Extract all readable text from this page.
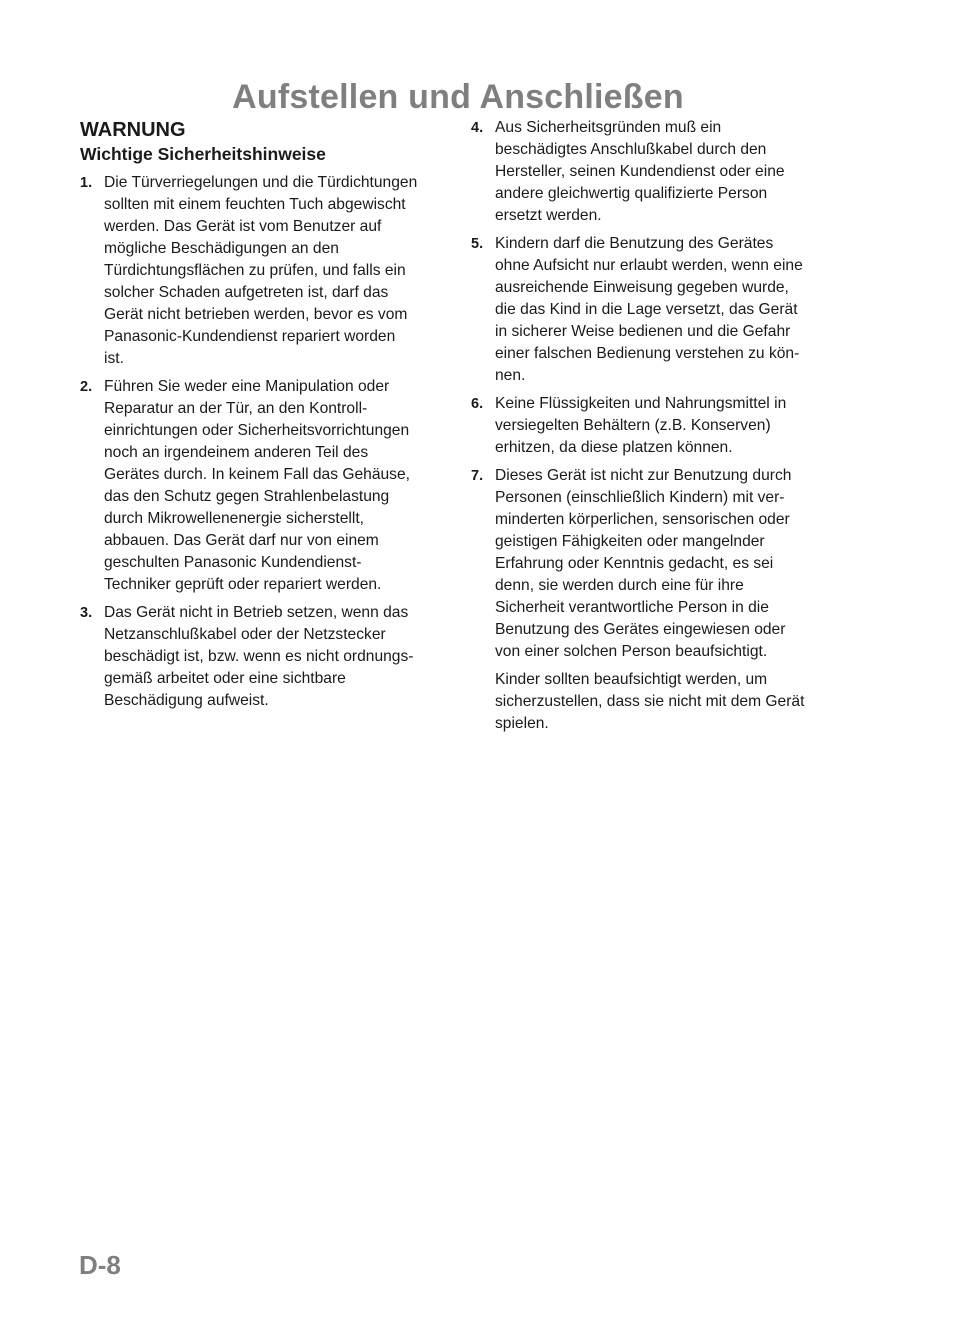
Aufstellen und Anschließen
WARNUNG
Wichtige Sicherheitshinweise
1. Die Türverriegelungen und die Türdichtungen
sollten mit einem feuchten Tuch abgewischt
werden. Das Gerät ist vom Benutzer auf
mögliche Beschädigungen an den
Türdichtungsflächen zu prüfen, und falls ein
solcher Schaden aufgetreten ist, darf das
Gerät nicht betrieben werden, bevor es vom
Panasonic-Kundendienst repariert worden
ist.
2. Führen Sie weder eine Manipulation oder
Reparatur an der Tür, an den Kontroll-
einrichtungen oder Sicherheitsvorrichtungen
noch an irgendeinem anderen Teil des
Gerätes durch. In keinem Fall das Gehäuse,
das den Schutz gegen Strahlenbelastung
durch Mikrowellenenergie sicherstellt,
abbauen. Das Gerät darf nur von einem
geschulten Panasonic Kundendienst-
Techniker geprüft oder repariert werden.
3. Das Gerät nicht in Betrieb setzen, wenn das
Netzanschlußkabel oder der Netzstecker
beschädigt ist, bzw. wenn es nicht ordnungs-
gemäß arbeitet oder eine sichtbare
Beschädigung aufweist.
4. Aus Sicherheitsgründen muß ein
beschädigtes Anschlußkabel durch den
Hersteller, seinen Kundendienst oder eine
andere gleichwertig qualifizierte Person
ersetzt werden.
5. Kindern darf die Benutzung des Gerätes
ohne Aufsicht nur erlaubt werden, wenn eine
ausreichende Einweisung gegeben wurde,
die das Kind in die Lage versetzt, das Gerät
in sicherer Weise bedienen und die Gefahr
einer falschen Bedienung verstehen zu kön-
nen.
6. Keine Flüssigkeiten und Nahrungsmittel in
versiegelten Behältern (z.B. Konserven)
erhitzen, da diese platzen können.
7. Dieses Gerät ist nicht zur Benutzung durch
Personen (einschließlich Kindern) mit ver-
minderten körperlichen, sensorischen oder
geistigen Fähigkeiten oder mangelnder
Erfahrung oder Kenntnis gedacht, es sei
denn, sie werden durch eine für ihre
Sicherheit verantwortliche Person in die
Benutzung des Gerätes eingewiesen oder
von einer solchen Person beaufsichtigt.
Kinder sollten beaufsichtigt werden, um
sicherzustellen, dass sie nicht mit dem Gerät
spielen.
D-8
